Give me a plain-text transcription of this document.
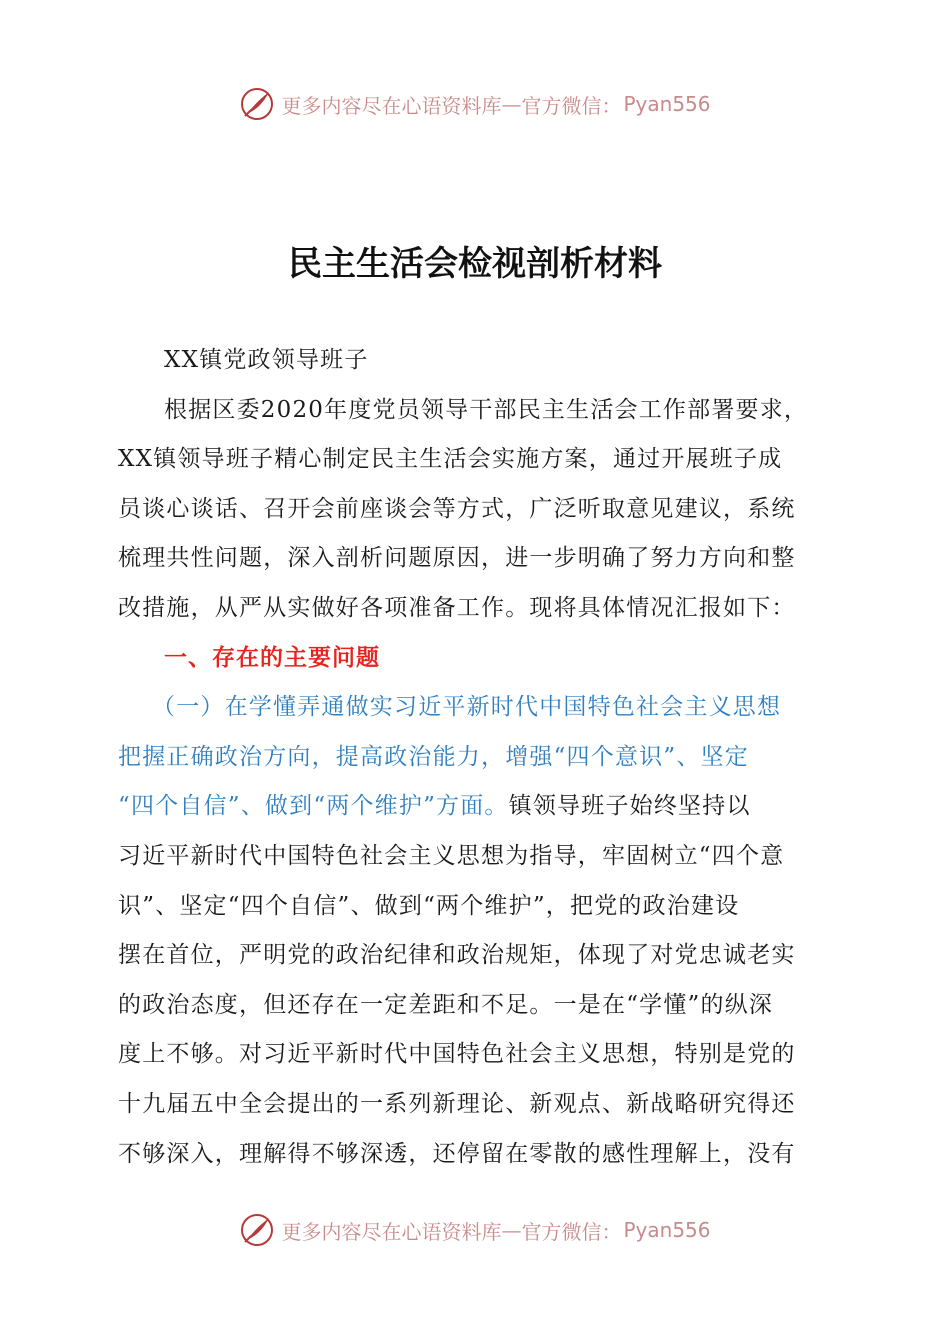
更多内容尽在心语资料库 — 官方微信： Pyan556
民主生活会检视剖析材料
XX镇党政领导班子
根据区委2020年度党员领导干部民主生活会工作部署要求，
XX镇领导班子精心制定民主生活会实施方案，通过开展班子成
员谈心谈话、召开会前座谈会等方式，广泛听取意见建议，系统
梳理共性问题，深入剖析问题原因，进一步明确了努力方向和整
改措施，从严从实做好各项准备工作。现将具体情况汇报如下：
一、存在的主要问题
（一）在学懂弄通做实习近平新时代中国特色社会主义思想
把握正确政治方向，提高政治能力，增强“四个意识”、坚定
“四个自信”、做到“两个维护”方面。镇领导班子始终坚持以
习近平新时代中国特色社会主义思想为指导，牢固树立“四个意
识”、坚定“四个自信”、做到“两个维护”，把党的政治建设
摆在首位，严明党的政治纪律和政治规矩，体现了对党忠诚老实
的政治态度，但还存在一定差距和不足。一是在“学懂”的纵深
度上不够。对习近平新时代中国特色社会主义思想，特别是党的
十九届五中全会提出的一系列新理论、新观点、新战略研究得还
不够深入，理解得不够深透，还停留在零散的感性理解上，没有
更多内容尽在心语资料库 — 官方微信： Pyan556
